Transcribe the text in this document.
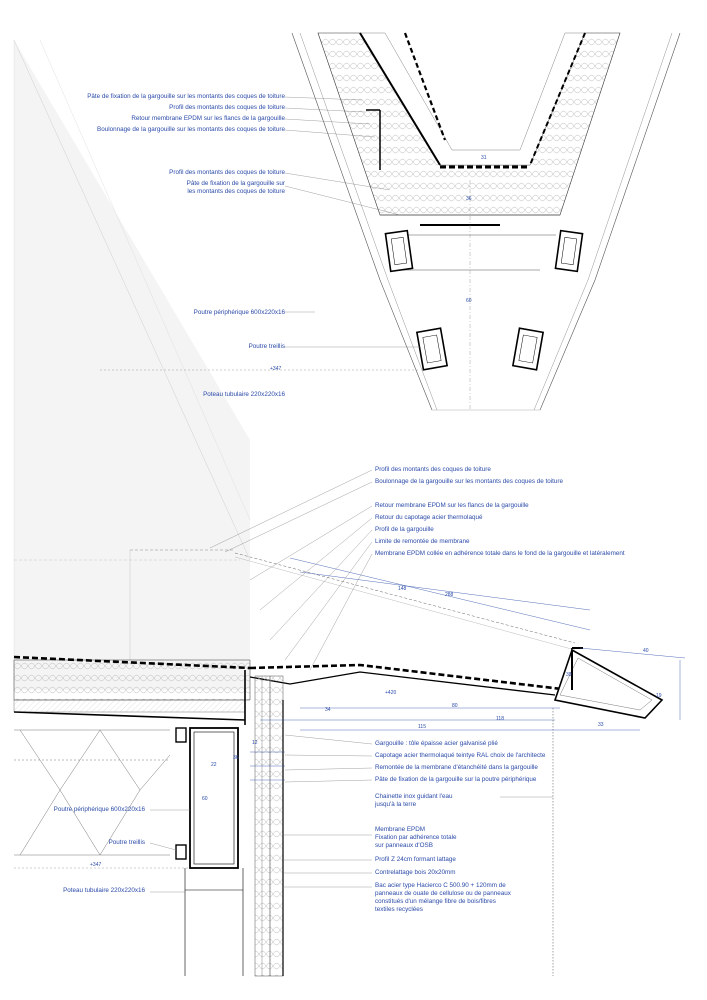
Pâte de fixation de la gargouille sur les montants des coques de toiture
Profil des montants des coques de toiture
Retour membrane EPDM sur les flancs de la gargouille
Boulonnage de la gargouille sur les montants des coques de toiture
Profil des montants des coques de toiture
Pâte de fixation de la gargouille sur
les montants des coques de toiture
Poutre périphérique 600x220x16
Poutre treillis
+347
Poteau tubulaire 220x220x16
31
36
60
Profil des montants des coques de toiture
Boulonnage de la gargouille sur les montants des coques de toiture
Retour membrane EPDM sur les flancs de la gargouille
Retour du capotage acier thermolaqué
Profil de la gargouille
Limite de remontée de membrane
Membrane EPDM collée en adhérence totale dans le fond de la gargouille et latéralement
Gargouille : tôle épaisse acier galvanisé plié
Capotage acier thermolaqué teintye RAL choix de l'architecte
Remontée de la membrane d'étanchéité dans la gargouille
Pâte de fixation de la gargouille sur la poutre périphérique
Chainette inox guidant l'eau
jusqu'à la terre
Membrane EPDM
Fixation par adhérence totale
sur panneaux d'OSB
Profil Z 24cm formant lattage
Contrelattage bois 20x20mm
Bac acier type Haciercо C 500.90 + 120mm de
panneaux de ouate de cellulose ou de panneaux
constitués d'un mélange fibre de bois/fibres
textiles recyclées
Poutre périphérique 600x220x16
Poutre treillis
+347
Poteau tubulaire 220x220x16
148
288
40
+420
34
80
118
115	33
19
22
36
12
60
39
